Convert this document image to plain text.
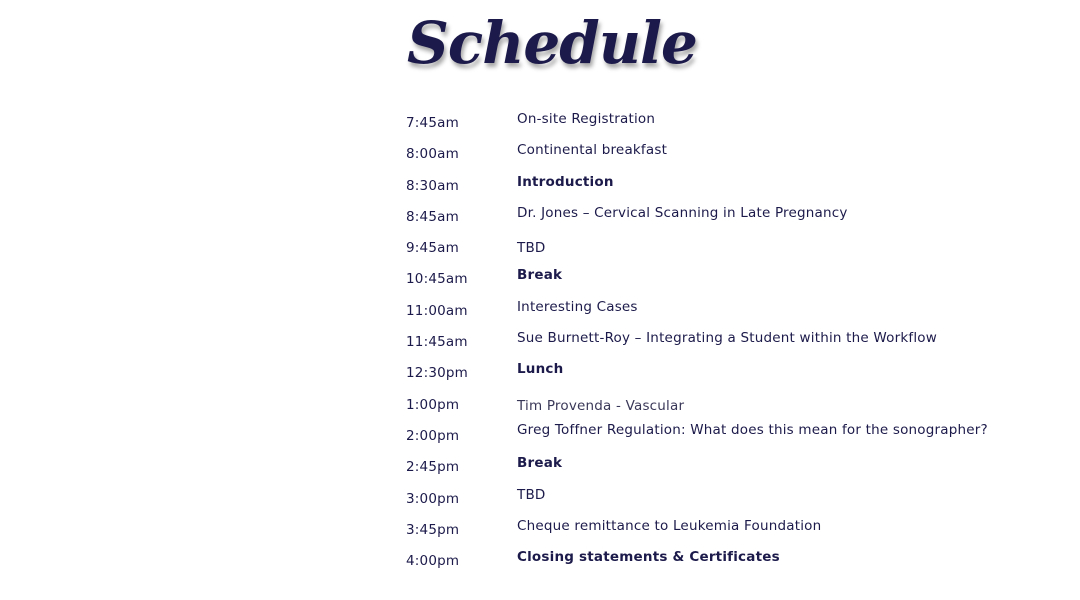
Schedule
7:45am	On-site Registration
8:00am	Continental breakfast
8:30am	Introduction
8:45am	Dr. Jones – Cervical Scanning in Late Pregnancy
9:45am	TBD
10:45am	Break
11:00am	Interesting Cases
11:45am	Sue Burnett-Roy – Integrating a Student within the Workflow
12:30pm	Lunch
1:00pm	Tim Provenda - Vascular
2:00pm	Greg Toffner Regulation: What does this mean for the sonographer?
2:45pm	Break
3:00pm	TBD
3:45pm	Cheque remittance to Leukemia Foundation
4:00pm	Closing statements & Certificates
